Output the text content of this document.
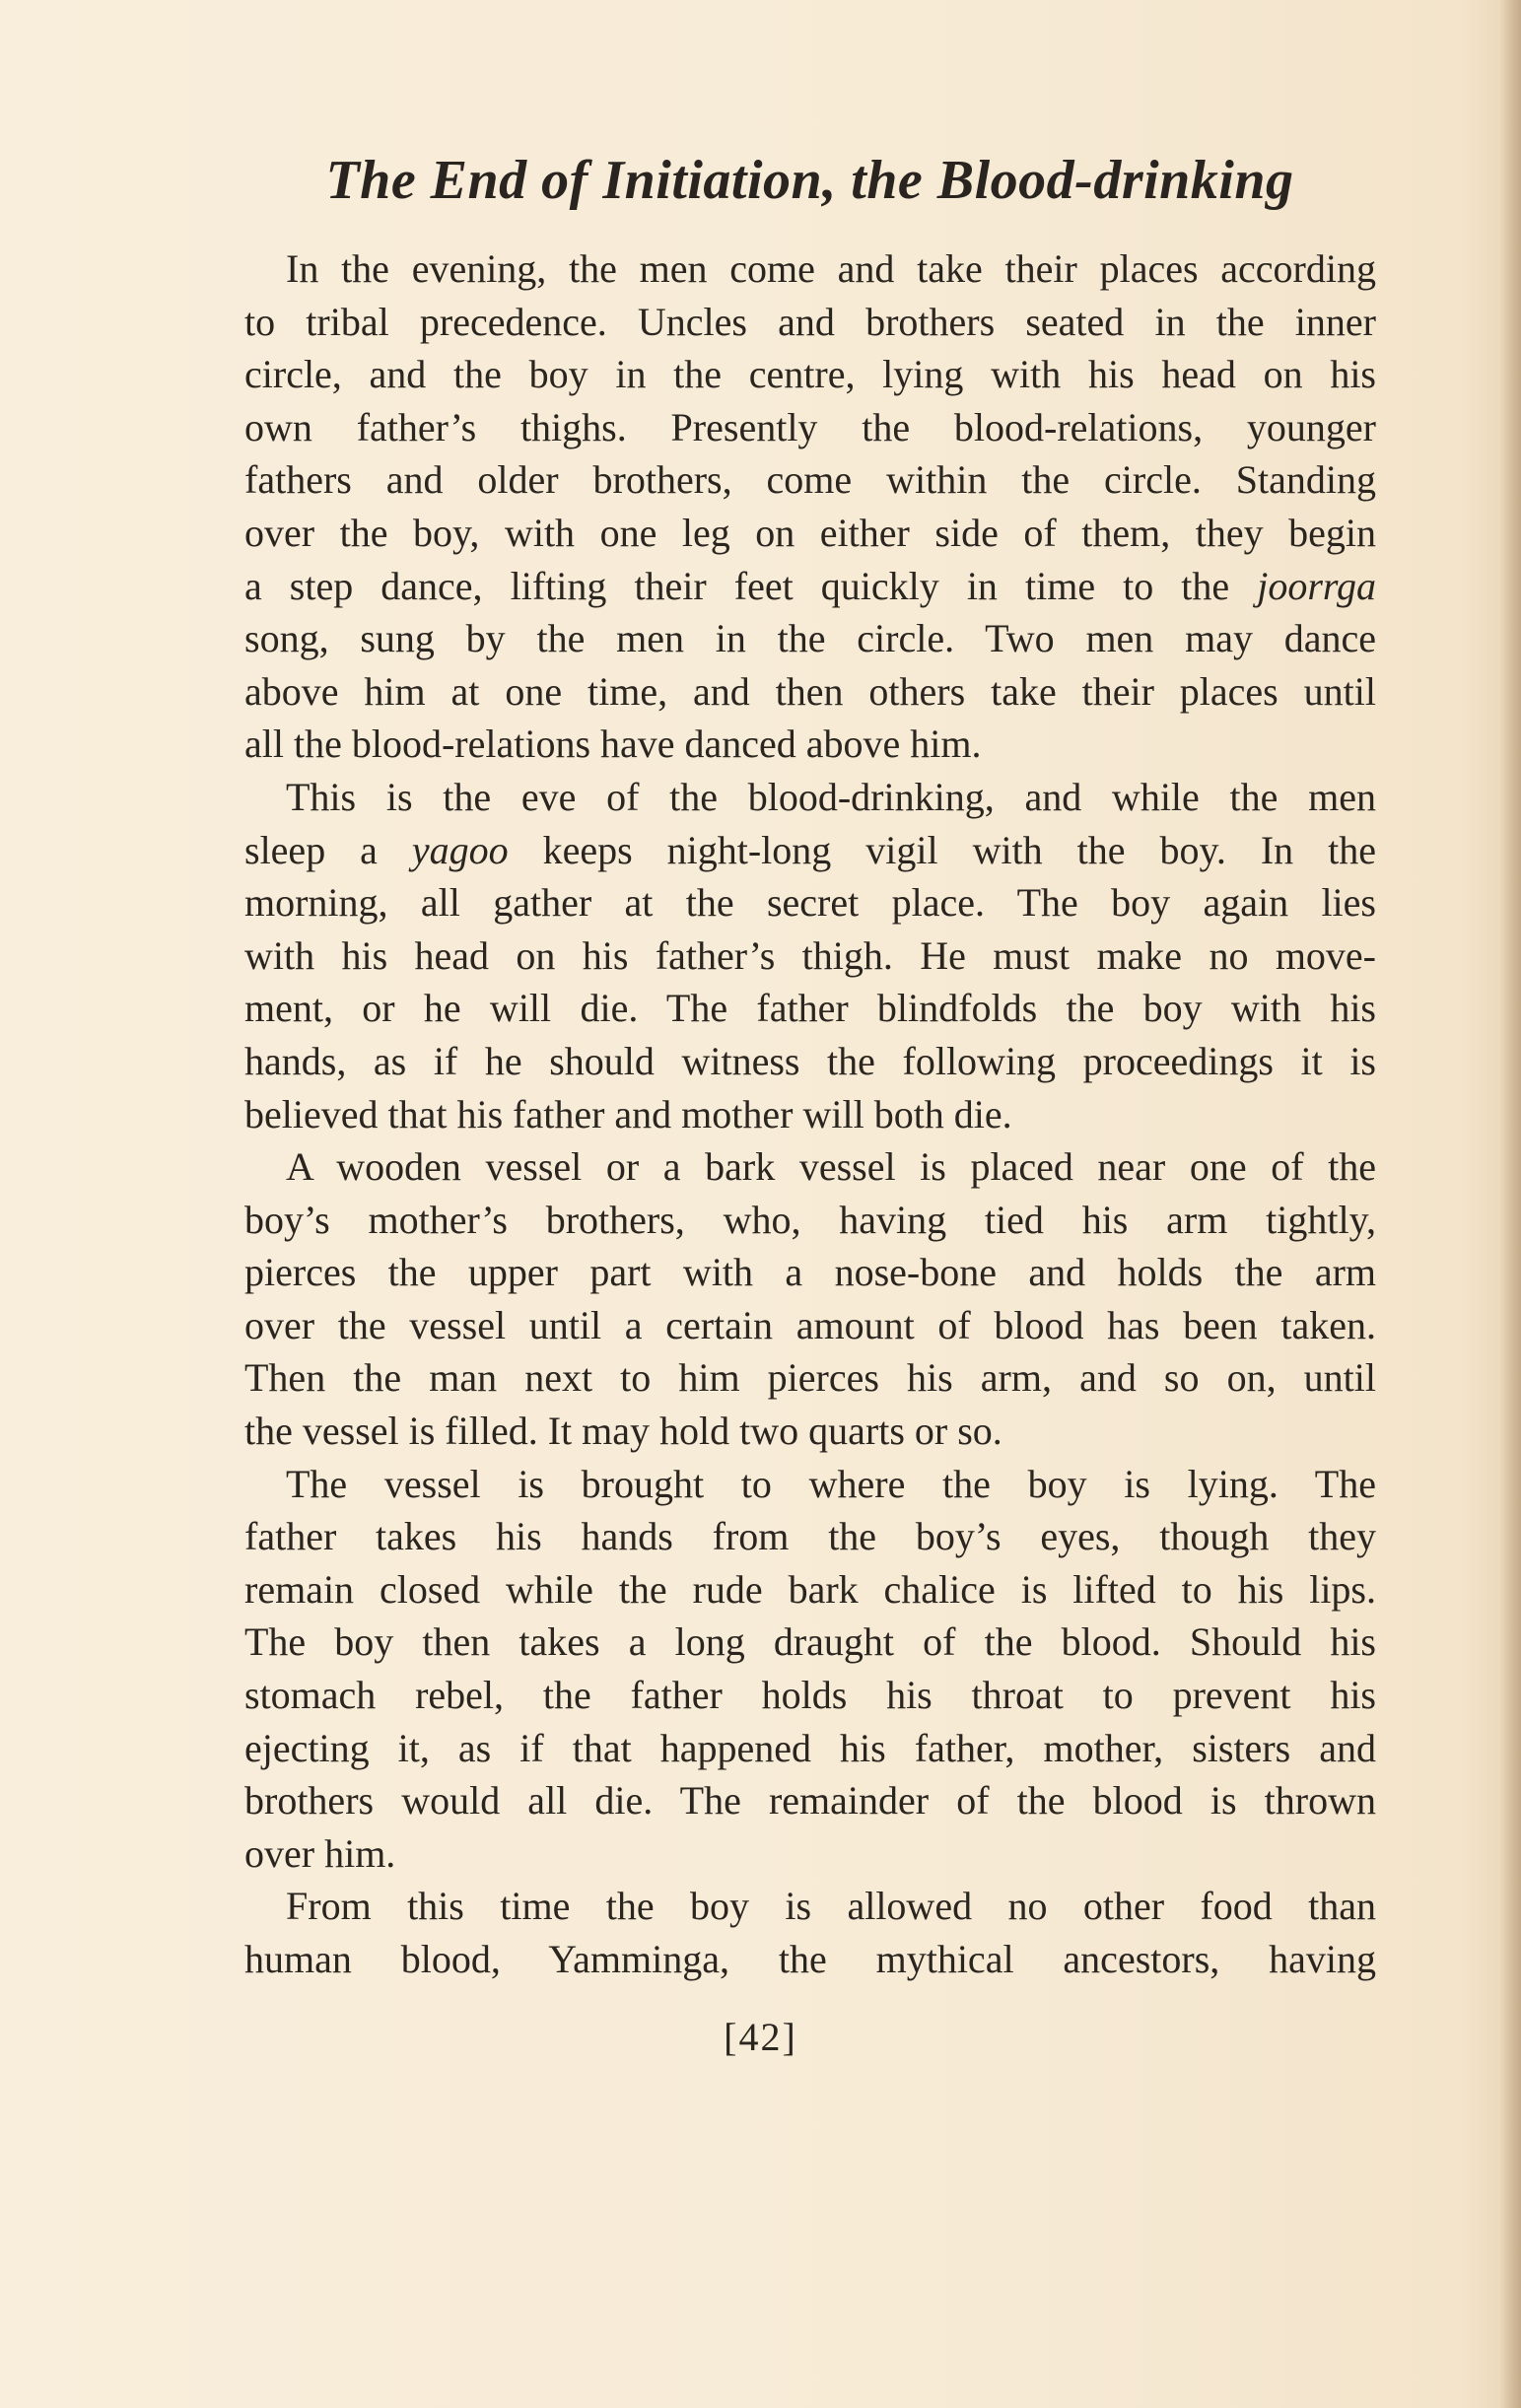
The End of Initiation, the Blood-drinking

In the evening, the men come and take their places according
to tribal precedence. Uncles and brothers seated in the inner
circle, and the boy in the centre, lying with his head on his
own father’s thighs. Presently the blood-relations, younger
fathers and older brothers, come within the circle. Standing
over the boy, with one leg on either side of them, they begin
a step dance, lifting their feet quickly in time to the joorrga
song, sung by the men in the circle. Two men may dance
above him at one time, and then others take their places until
all the blood-relations have danced above him.

This is the eve of the blood-drinking, and while the men
sleep a yagoo keeps night-long vigil with the boy. In the
morning, all gather at the secret place. The boy again lies
with his head on his father’s thigh. He must make no move-
ment, or he will die. The father blindfolds the boy with his
hands, as if he should witness the following proceedings it is
believed that his father and mother will both die.

A wooden vessel or a bark vessel is placed near one of the
boy’s mother’s brothers, who, having tied his arm tightly,
pierces the upper part with a nose-bone and holds the arm
over the vessel until a certain amount of blood has been taken.
Then the man next to him pierces his arm, and so on, until
the vessel is filled. It may hold two quarts or so.

The vessel is brought to where the boy is lying. The
father takes his hands from the boy’s eyes, though they
remain closed while the rude bark chalice is lifted to his lips.
The boy then takes a long draught of the blood. Should his
stomach rebel, the father holds his throat to prevent his
ejecting it, as if that happened his father, mother, sisters and
brothers would all die. The remainder of the blood is thrown
over him.

From this time the boy is allowed no other food than
human blood, Yamminga, the mythical ancestors, having

[42]
